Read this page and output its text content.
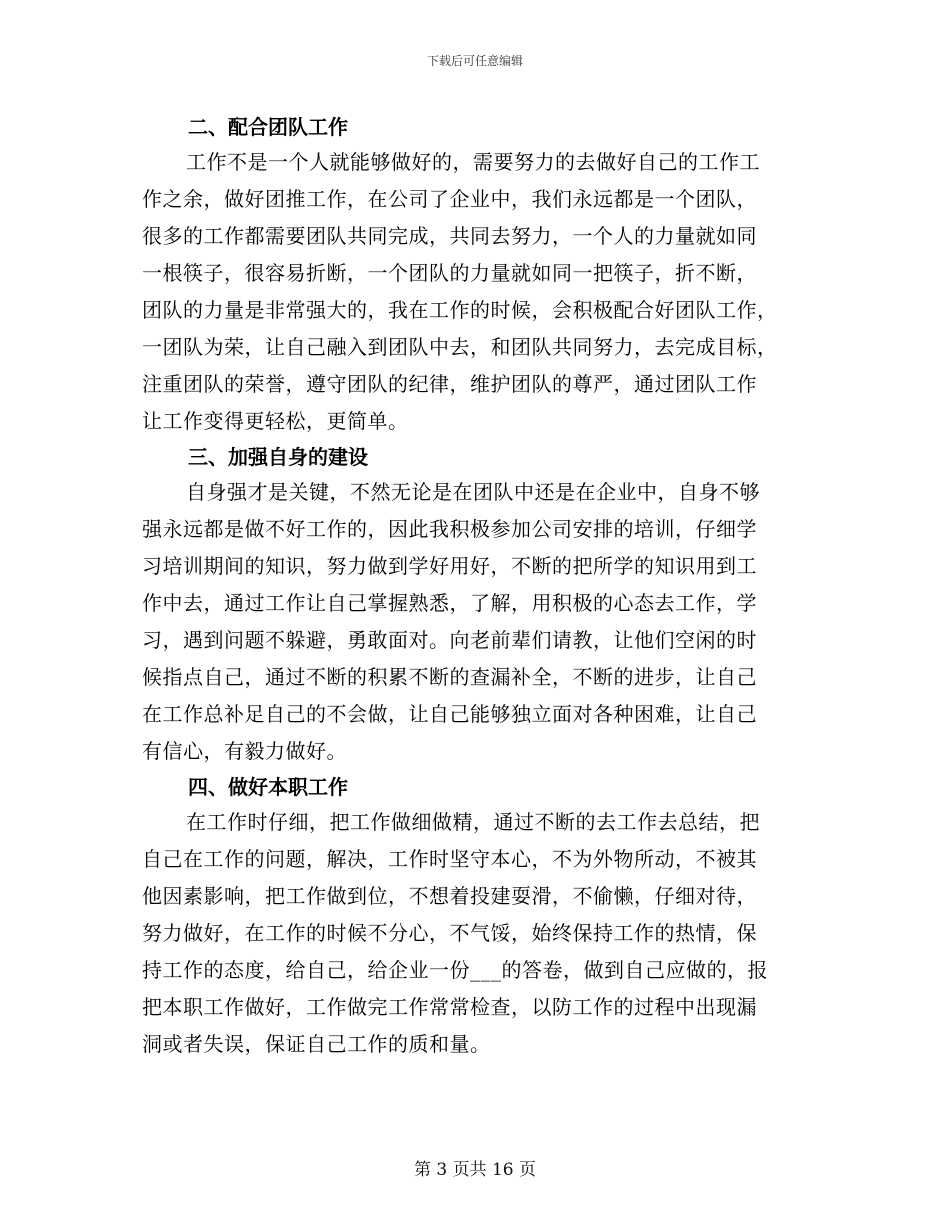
下载后可任意编辑
二、配合团队工作
工作不是一个人就能够做好的，需要努力的去做好自己的工作工
作之余，做好团推工作，在公司了企业中，我们永远都是一个团队，
很多的工作都需要团队共同完成，共同去努力，一个人的力量就如同
一根筷子，很容易折断，一个团队的力量就如同一把筷子，折不断，
团队的力量是非常强大的，我在工作的时候，会积极配合好团队工作，
一团队为荣，让自己融入到团队中去，和团队共同努力，去完成目标，
注重团队的荣誉，遵守团队的纪律，维护团队的尊严，通过团队工作
让工作变得更轻松，更简单。
三、加强自身的建设
自身强才是关键，不然无论是在团队中还是在企业中，自身不够
强永远都是做不好工作的，因此我积极参加公司安排的培训，仔细学
习培训期间的知识，努力做到学好用好，不断的把所学的知识用到工
作中去，通过工作让自己掌握熟悉，了解，用积极的心态去工作，学
习，遇到问题不躲避，勇敢面对。向老前辈们请教，让他们空闲的时
候指点自己，通过不断的积累不断的查漏补全，不断的进步，让自己
在工作总补足自己的不会做，让自己能够独立面对各种困难，让自己
有信心，有毅力做好。
四、做好本职工作
在工作时仔细，把工作做细做精，通过不断的去工作去总结，把
自己在工作的问题，解决，工作时坚守本心，不为外物所动，不被其
他因素影响，把工作做到位，不想着投建耍滑，不偷懒，仔细对待，
努力做好，在工作的时候不分心，不气馁，始终保持工作的热情，保
持工作的态度，给自己，给企业一份___的答卷，做到自己应做的，报
把本职工作做好，工作做完工作常常检查，以防工作的过程中出现漏
洞或者失误，保证自己工作的质和量。
第 3 页共 16 页
